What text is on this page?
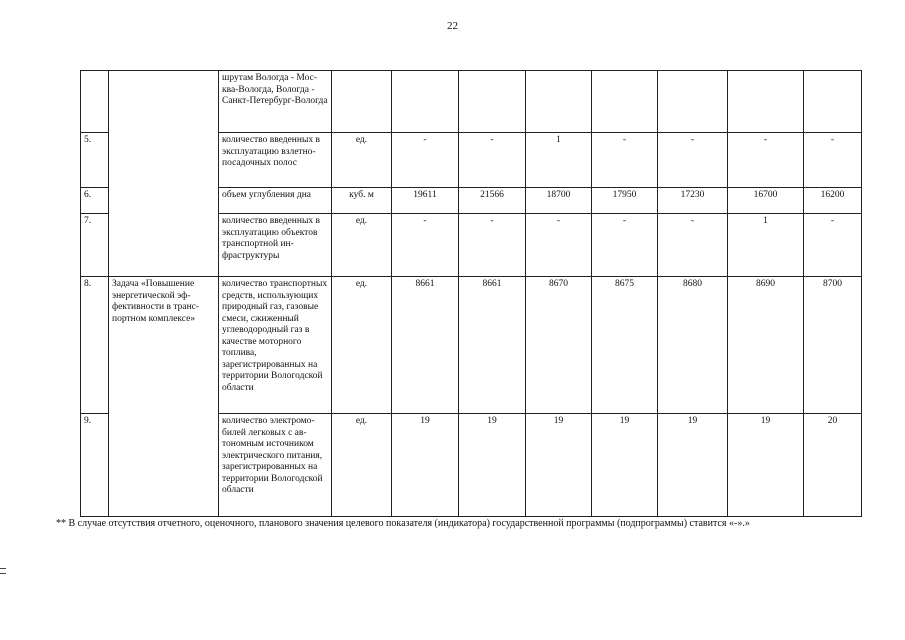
22
		шрутам Вологда - Москва-Вологда, Вологда - Санкт-Петербург-Вологда								
5.		количество введенных в эксплуатацию взлетно-посадочных полос	ед.	-	-	1	-	-	-	-
6.		объем углубления дна	куб. м	19611	21566	18700	17950	17230	16700	16200
7.		количество введенных в эксплуатацию объектов транспортной инфраструктуры	ед.	-	-	-	-	-	1	-
8.	Задача «Повышение энергетической эффективности в транспортном комплексе»	количество транспортных средств, использующих природный газ, газовые смеси, сжиженный углеводородный газ в качестве моторного топлива, зарегистрированных на территории Вологодской области	ед.	8661	8661	8670	8675	8680	8690	8700
9.		количество электромобилей легковых с автономным источником электрического питания, зарегистрированных на территории Вологодской области	ед.	19	19	19	19	19	19	20
** В случае отсутствия отчетного, оценочного, планового значения целевого показателя (индикатора) государственной программы (подпрограммы) ставится «-».»
